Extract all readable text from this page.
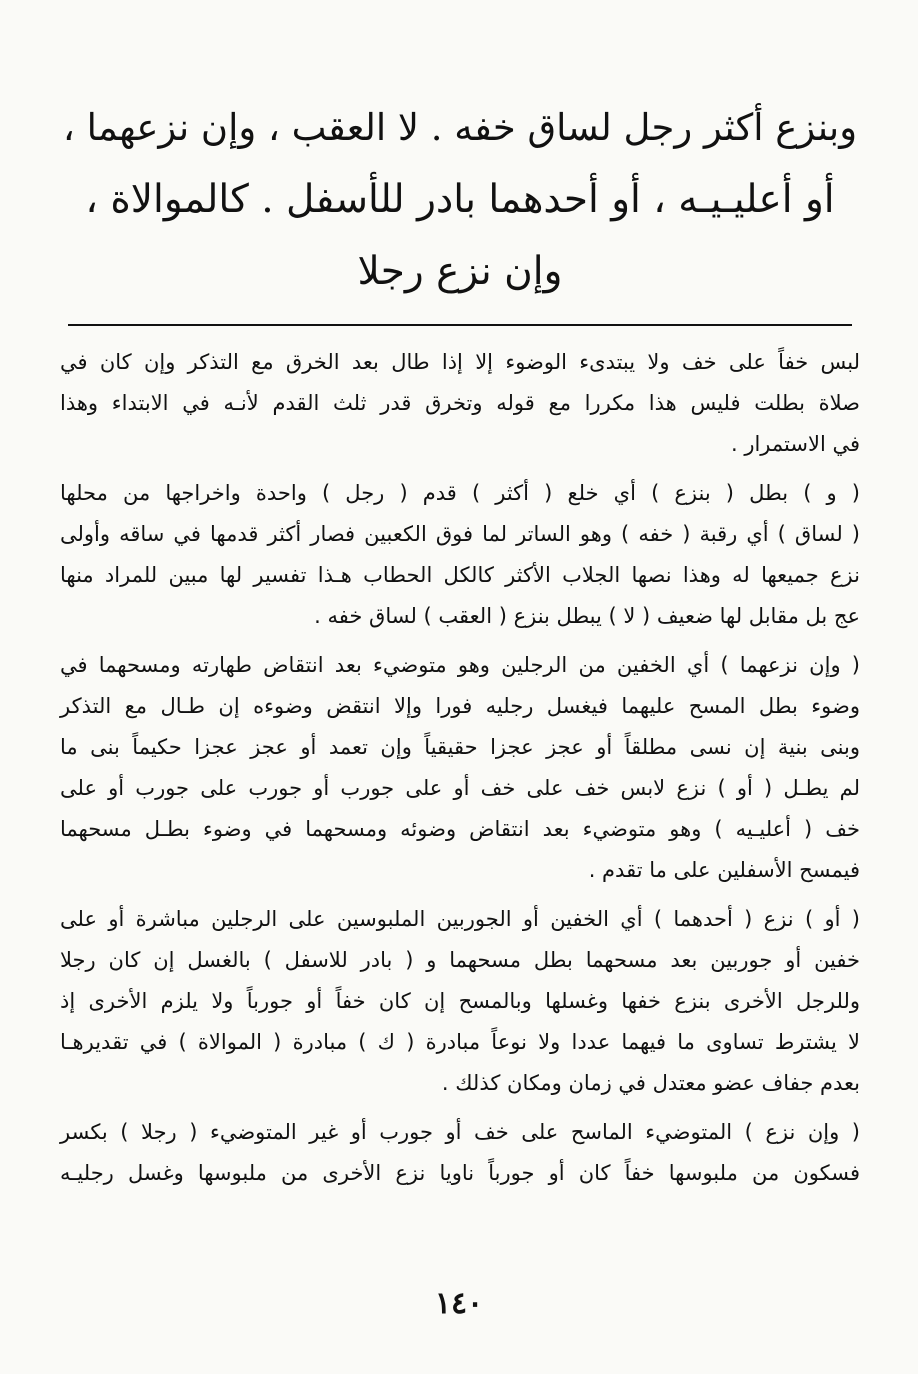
وبنزع أكثر رجل لساق خفه . لا العقب ، وإن نزعهما ،
أو أعليـيـه ، أو أحدهما بادر للأسفل . كالموالاة ،
وإن نزع رجلا
لبس خفاً على خف ولا يبتدىء الوضوء إلا إذا طال بعد الخرق مع التذكر وإن كان في
صلاة بطلت فليس هذا مكررا مع قوله وتخرق قدر ثلث القدم لأنـه في الابتداء وهذا
في الاستمرار .
( و ) بطل ( بنزع ) أي خلع ( أكثر ) قدم ( رجل ) واحدة واخراجها من محلها
( لساق ) أي رقبة ( خفه ) وهو الساتر لما فوق الكعبين فصار أكثر قدمها في ساقه وأولى
نزع جميعها له وهذا نصها الجلاب الأكثر كالكل الحطاب هـذا تفسير لها مبين للمراد منها
عج بل مقابل لها ضعيف ( لا ) يبطل بنزع ( العقب ) لساق خفه .
( وإن نزعهما ) أي الخفين من الرجلين وهو متوضيء بعد انتقاض طهارته ومسحهما في
وضوء بطل المسح عليهما فيغسل رجليه فورا وإلا انتقض وضوءه إن طـال مع التذكر
وبنى بنية إن نسى مطلقاً أو عجز عجزا حقيقياً وإن تعمد أو عجز عجزا حكيماً بنى ما
لم يطـل ( أو ) نزع لابس خف على خف أو على جورب أو جورب على جورب أو على
خف ( أعليـيه ) وهو متوضيء بعد انتقاض وضوئه ومسحهما في وضوء بطـل مسحهما
فيمسح الأسفلين على ما تقدم .
( أو ) نزع ( أحدهما ) أي الخفين أو الجوربين الملبوسين على الرجلين مباشرة أو على
خفين أو جوربين بعد مسحهما بطل مسحهما و ( بادر للاسفل ) بالغسل إن كان رجلا
وللرجل الأخرى بنزع خفها وغسلها وبالمسح إن كان خفاً أو جورباً ولا يلزم الأخرى إذ
لا يشترط تساوى ما فيهما عددا ولا نوعاً مبادرة ( ك ) مبادرة ( الموالاة ) في تقديرهـا
بعدم جفاف عضو معتدل في زمان ومكان كذلك .
( وإن نزع ) المتوضيء الماسح على خف أو جورب أو غير المتوضيء ( رجلا ) بكسر
فسكون من ملبوسها خفاً كان أو جورباً ناويا نزع الأخرى من ملبوسها وغسل رجليـه
١٤٠
